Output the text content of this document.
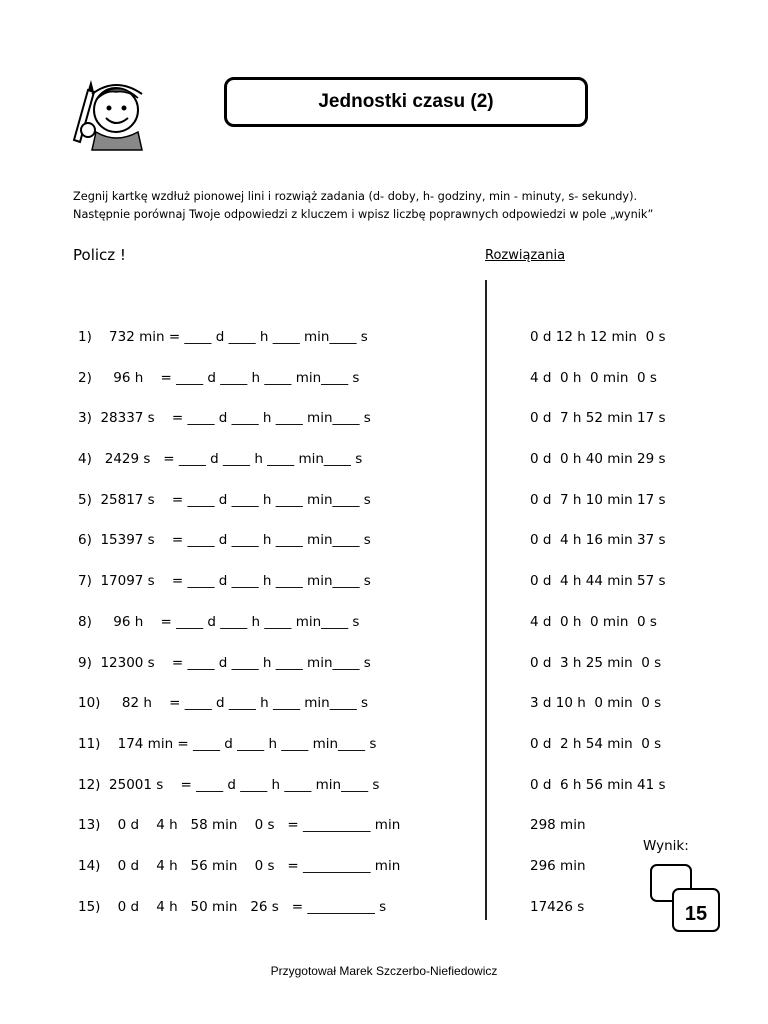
Jednostki czasu (2)
Zegnij kartkę wzdłuż pionowej lini i rozwiąż zadania (d- doby, h- godziny, min - minuty, s- sekundy).
Następnie porównaj Twoje odpowiedzi z kluczem i wpisz liczbę poprawnych odpowiedzi w pole „wynik”
Policz !	Rozwiązania
1)    732 min = ____ d ____ h ____ min____ s
2)     96 h    = ____ d ____ h ____ min____ s
3)  28337 s    = ____ d ____ h ____ min____ s
4)   2429 s   = ____ d ____ h ____ min____ s
5)  25817 s    = ____ d ____ h ____ min____ s
6)  15397 s    = ____ d ____ h ____ min____ s
7)  17097 s    = ____ d ____ h ____ min____ s
8)     96 h    = ____ d ____ h ____ min____ s
9)  12300 s    = ____ d ____ h ____ min____ s
10)     82 h    = ____ d ____ h ____ min____ s
11)    174 min = ____ d ____ h ____ min____ s
12)  25001 s    = ____ d ____ h ____ min____ s
13)    0 d    4 h   58 min    0 s   = __________ min
14)    0 d    4 h   56 min    0 s   = __________ min
15)    0 d    4 h   50 min   26 s   = __________ s
0 d 12 h 12 min  0 s
4 d  0 h  0 min  0 s
0 d  7 h 52 min 17 s
0 d  0 h 40 min 29 s
0 d  7 h 10 min 17 s
0 d  4 h 16 min 37 s
0 d  4 h 44 min 57 s
4 d  0 h  0 min  0 s
0 d  3 h 25 min  0 s
3 d 10 h  0 min  0 s
0 d  2 h 54 min  0 s
0 d  6 h 56 min 41 s
298 min
296 min
17426 s
Wynik:
15
Przygotował Marek Szczerbo-Niefiedowicz
